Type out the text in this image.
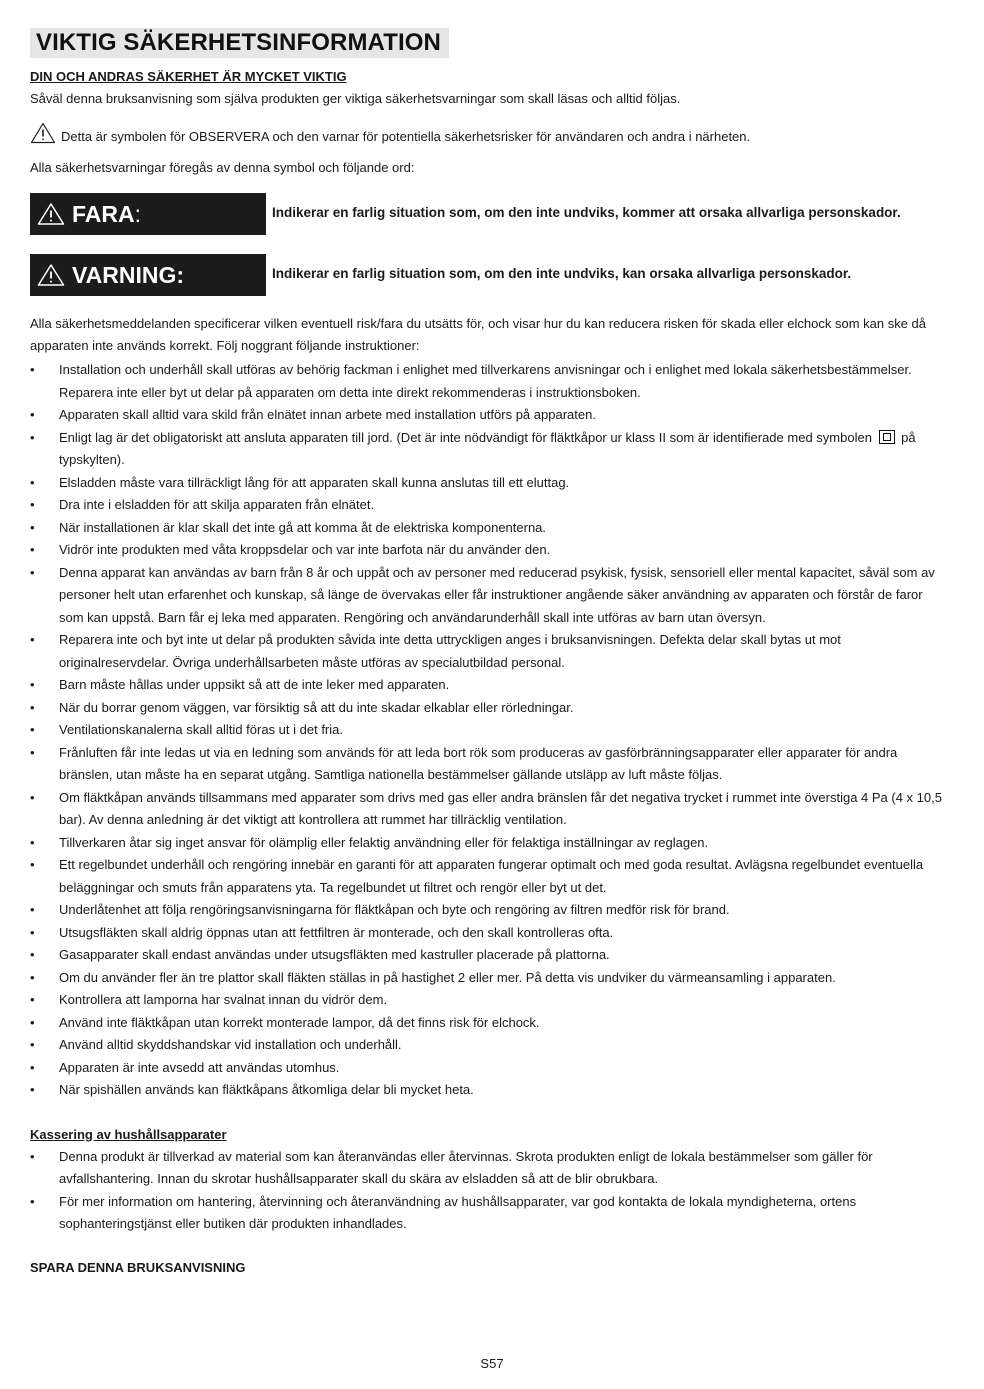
VIKTIG SÄKERHETSINFORMATION
DIN OCH ANDRAS SÄKERHET ÄR MYCKET VIKTIG

Såväl denna bruksanvisning som själva produkten ger viktiga säkerhetsvarningar som skall läsas och alltid följas.

Detta är symbolen för OBSERVERA och den varnar för potentiella säkerhetsrisker för användaren och andra i närheten.

Alla säkerhetsvarningar föregås av denna symbol och följande ord:

FARA :	Indikerar en farlig situation som, om den inte undviks, kommer att orsaka allvarliga personskador.
VARNING:	Indikerar en farlig situation som, om den inte undviks, kan orsaka allvarliga personskador.

Alla säkerhetsmeddelanden specificerar vilken eventuell risk/fara du utsätts för, och visar hur du kan reducera risken för skada eller elchock som kan ske då apparaten inte används korrekt. Följ noggrant följande instruktioner:

• Installation och underhåll skall utföras av behörig fackman i enlighet med tillverkarens anvisningar och i enlighet med lokala säkerhetsbestämmelser. Reparera inte eller byt ut delar på apparaten om detta inte direkt rekommenderas i instruktionsboken.
• Apparaten skall alltid vara skild från elnätet innan arbete med installation utförs på apparaten.
• Enligt lag är det obligatoriskt att ansluta apparaten till jord. (Det är inte nödvändigt för fläktkåpor ur klass II som är identifierade med symbolen på typskylten).
• Elsladden måste vara tillräckligt lång för att apparaten skall kunna anslutas till ett eluttag.
• Dra inte i elsladden för att skilja apparaten från elnätet.
• När installationen är klar skall det inte gå att komma åt de elektriska komponenterna.
• Vidrör inte produkten med våta kroppsdelar och var inte barfota när du använder den.
• Denna apparat kan användas av barn från 8 år och uppåt och av personer med reducerad psykisk, fysisk, sensoriell eller mental kapacitet, såväl som av personer helt utan erfarenhet och kunskap, så länge de övervakas eller får instruktioner angående säker användning av apparaten och förstår de faror som kan uppstå. Barn får ej leka med apparaten. Rengöring och användarunderhåll skall inte utföras av barn utan översyn.
• Reparera inte och byt inte ut delar på produkten såvida inte detta uttryckligen anges i bruksanvisningen. Defekta delar skall bytas ut mot originalreservdelar. Övriga underhållsarbeten måste utföras av specialutbildad personal.
• Barn måste hållas under uppsikt så att de inte leker med apparaten.
• När du borrar genom väggen, var försiktig så att du inte skadar elkablar eller rörledningar.
• Ventilationskanalerna skall alltid föras ut i det fria.
• Frånluften får inte ledas ut via en ledning som används för att leda bort rök som produceras av gasförbränningsapparater eller apparater för andra bränslen, utan måste ha en separat utgång. Samtliga nationella bestämmelser gällande utsläpp av luft måste följas.
• Om fläktkåpan används tillsammans med apparater som drivs med gas eller andra bränslen får det negativa trycket i rummet inte överstiga 4 Pa (4 x 10,5 bar). Av denna anledning är det viktigt att kontrollera att rummet har tillräcklig ventilation.
• Tillverkaren åtar sig inget ansvar för olämplig eller felaktig användning eller för felaktiga inställningar av reglagen.
• Ett regelbundet underhåll och rengöring innebär en garanti för att apparaten fungerar optimalt och med goda resultat. Avlägsna regelbundet eventuella beläggningar och smuts från apparatens yta. Ta regelbundet ut filtret och rengör eller byt ut det.
• Underlåtenhet att följa rengöringsanvisningarna för fläktkåpan och byte och rengöring av filtren medför risk för brand.
• Utsugsfläkten skall aldrig öppnas utan att fettfiltren är monterade, och den skall kontrolleras ofta.
• Gasapparater skall endast användas under utsugsfläkten med kastruller placerade på plattorna.
• Om du använder fler än tre plattor skall fläkten ställas in på hastighet 2 eller mer. På detta vis undviker du värmeansamling i apparaten.
• Kontrollera att lamporna har svalnat innan du vidrör dem.
• Använd inte fläktkåpan utan korrekt monterade lampor, då det finns risk för elchock.
• Använd alltid skyddshandskar vid installation och underhåll.
• Apparaten är inte avsedd att användas utomhus.
• När spishällen används kan fläktkåpans åtkomliga delar bli mycket heta.
Kassering av hushållsapparater
• Denna produkt är tillverkad av material som kan återanvändas eller återvinnas. Skrota produkten enligt de lokala bestämmelser som gäller för avfallshantering. Innan du skrotar hushållsapparater skall du skära av elsladden så att de blir obrukbara.
• För mer information om hantering, återvinning och återanvändning av hushållsapparater, var god kontakta de lokala myndigheterna, ortens sophanteringstjänst eller butiken där produkten inhandlades.

SPARA DENNA BRUKSANVISNING

S57
